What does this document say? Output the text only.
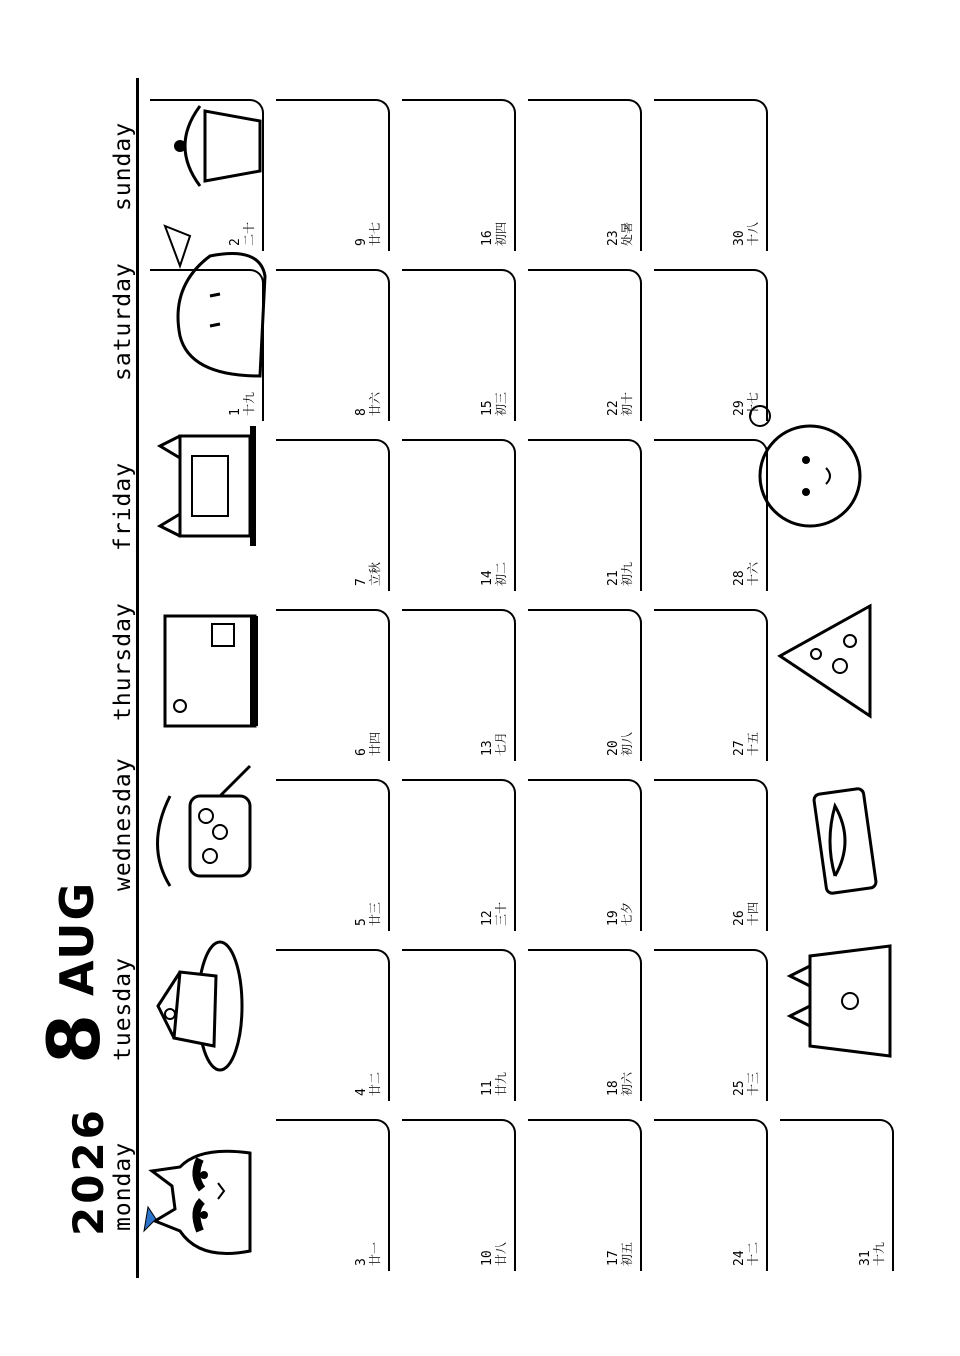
2026
8
AUG
monday
tuesday
wednesday
thursday
friday
saturday
sunday
1 十九
2 二十
3 廿一
4 廿二
5 廿三
6 廿四
7 立秋
8 廿六
9 廿七
10 廿八
11 廿九
12 三十
13 七月
14 初二
15 初三
16 初四
17 初五
18 初六
19 七夕
20 初八
21 初九
22 初十
23 处暑
24 十二
25 十三
26 十四
27 十五
28 十六
29 十七
30 十八
31 十九
